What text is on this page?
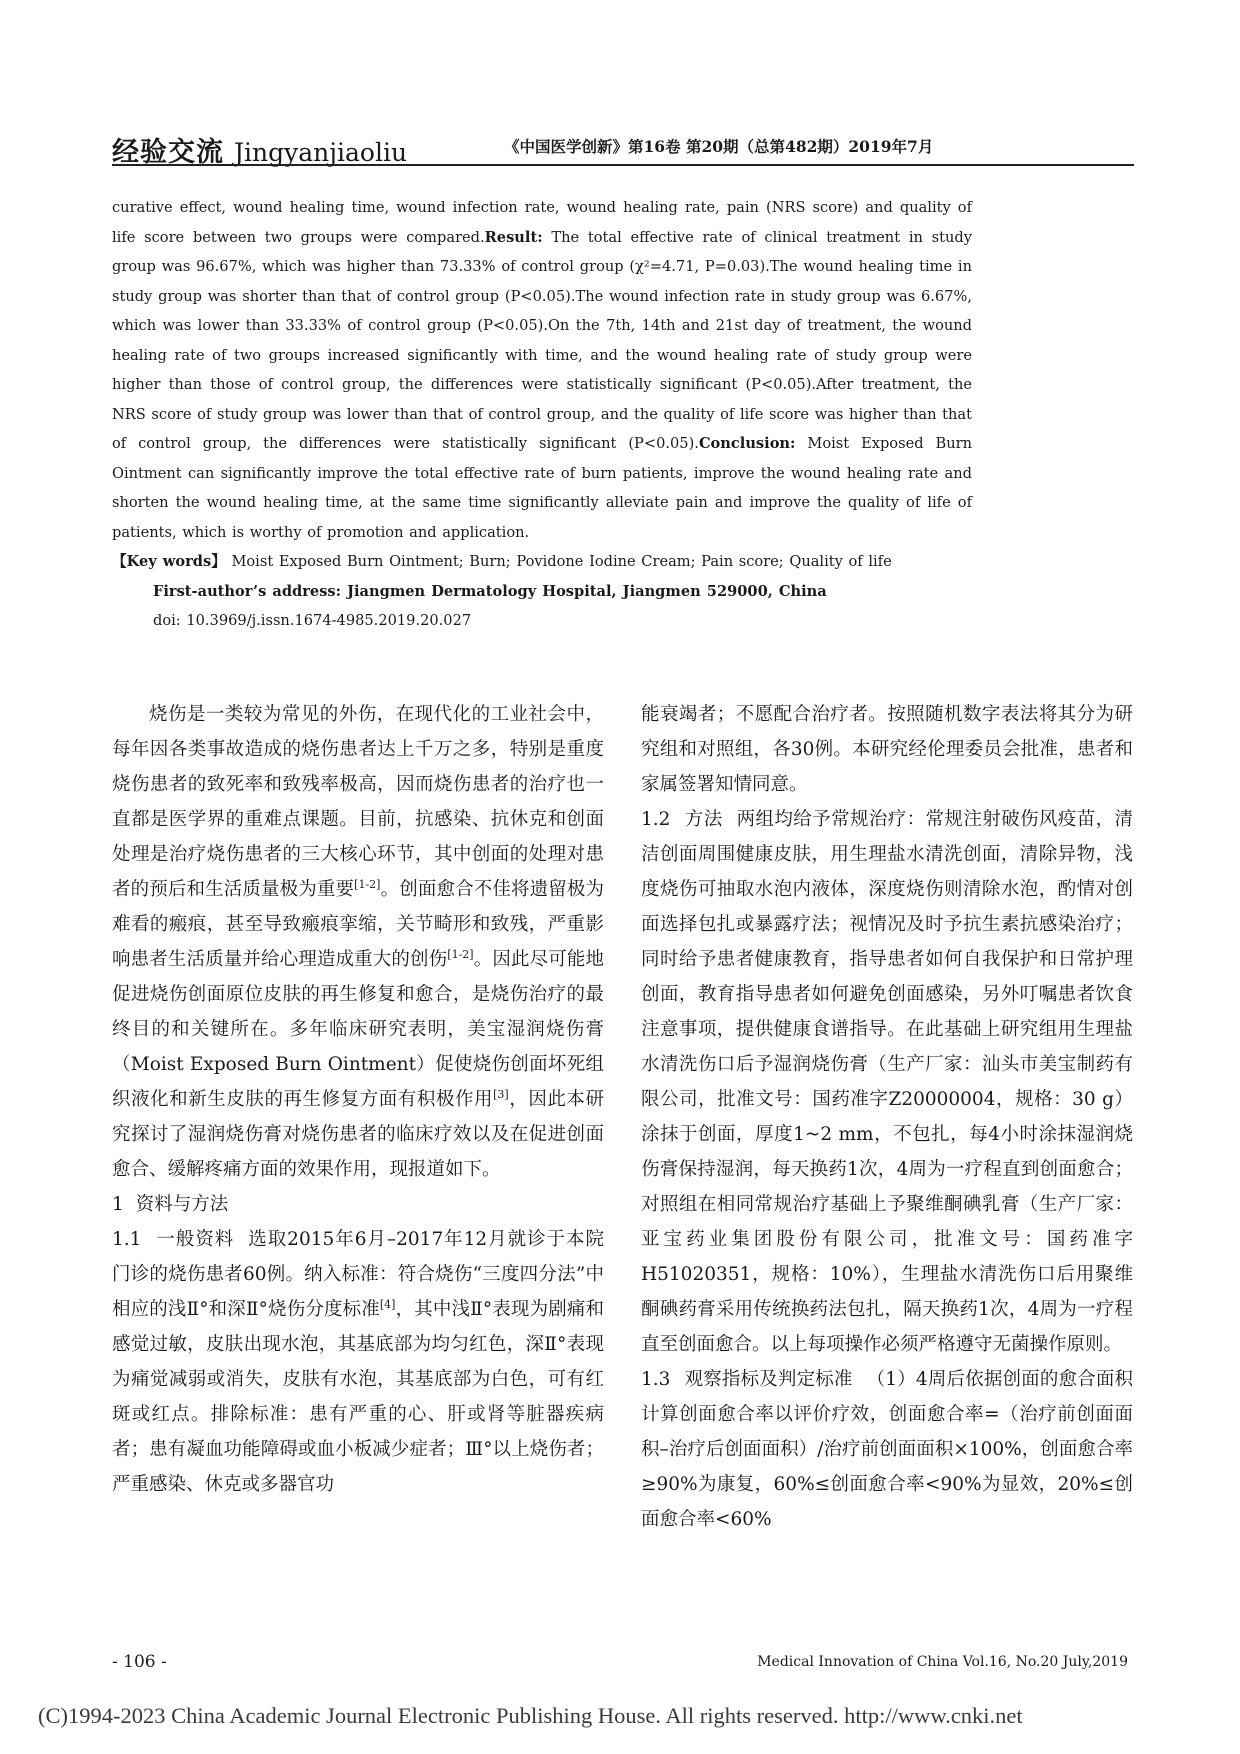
经验交流 Jingyanjiaoliu	《中国医学创新》第16卷 第20期（总第482期）2019年7月

curative effect, wound healing time, wound infection rate, wound healing rate, pain (NRS score) and quality of life score between two groups were compared.Result: The total effective rate of clinical treatment in study group was 96.67%, which was higher than 73.33% of control group (χ²=4.71, P=0.03).The wound healing time in study group was shorter than that of control group (P<0.05).The wound infection rate in study group was 6.67%, which was lower than 33.33% of control group (P<0.05).On the 7th, 14th and 21st day of treatment, the wound healing rate of two groups increased significantly with time, and the wound healing rate of study group were higher than those of control group, the differences were statistically significant (P<0.05).After treatment, the NRS score of study group was lower than that of control group, and the quality of life score was higher than that of control group, the differences were statistically significant (P<0.05).Conclusion: Moist Exposed Burn Ointment can significantly improve the total effective rate of burn patients, improve the wound healing rate and shorten the wound healing time, at the same time significantly alleviate pain and improve the quality of life of patients, which is worthy of promotion and application.

【Key words】 Moist Exposed Burn Ointment; Burn; Povidone Iodine Cream; Pain score; Quality of life

First-author’s address: Jiangmen Dermatology Hospital, Jiangmen 529000, China

doi: 10.3969/j.issn.1674-4985.2019.20.027

烧伤是一类较为常见的外伤，在现代化的工业社会中，每年因各类事故造成的烧伤患者达上千万之多，特别是重度烧伤患者的致死率和致残率极高，因而烧伤患者的治疗也一直都是医学界的重难点课题。目前，抗感染、抗休克和创面处理是治疗烧伤患者的三大核心环节，其中创面的处理对患者的预后和生活质量极为重要[1-2]。创面愈合不佳将遗留极为难看的瘢痕，甚至导致瘢痕挛缩，关节畸形和致残，严重影响患者生活质量并给心理造成重大的创伤[1-2]。因此尽可能地促进烧伤创面原位皮肤的再生修复和愈合，是烧伤治疗的最终目的和关键所在。多年临床研究表明，美宝湿润烧伤膏（Moist Exposed Burn Ointment）促使烧伤创面坏死组织液化和新生皮肤的再生修复方面有积极作用[3]，因此本研究探讨了湿润烧伤膏对烧伤患者的临床疗效以及在促进创面愈合、缓解疼痛方面的效果作用，现报道如下。

1 资料与方法

1.1 一般资料 选取2015年6月–2017年12月就诊于本院门诊的烧伤患者60例。纳入标准：符合烧伤“三度四分法”中相应的浅Ⅱ°和深Ⅱ°烧伤分度标准[4]，其中浅Ⅱ°表现为剧痛和感觉过敏，皮肤出现水泡，其基底部为均匀红色，深Ⅱ°表现为痛觉减弱或消失，皮肤有水泡，其基底部为白色，可有红斑或红点。排除标准：患有严重的心、肝或肾等脏器疾病者；患有凝血功能障碍或血小板减少症者；Ⅲ°以上烧伤者；严重感染、休克或多器官功

能衰竭者；不愿配合治疗者。按照随机数字表法将其分为研究组和对照组，各30例。本研究经伦理委员会批准，患者和家属签署知情同意。

1.2 方法 两组均给予常规治疗：常规注射破伤风疫苗，清洁创面周围健康皮肤，用生理盐水清洗创面，清除异物，浅度烧伤可抽取水泡内液体，深度烧伤则清除水泡，酌情对创面选择包扎或暴露疗法；视情况及时予抗生素抗感染治疗；同时给予患者健康教育，指导患者如何自我保护和日常护理创面，教育指导患者如何避免创面感染，另外叮嘱患者饮食注意事项，提供健康食谱指导。在此基础上研究组用生理盐水清洗伤口后予湿润烧伤膏（生产厂家：汕头市美宝制药有限公司，批准文号：国药准字Z20000004，规格：30 g）涂抹于创面，厚度1~2 mm，不包扎，每4小时涂抹湿润烧伤膏保持湿润，每天换药1次，4周为一疗程直到创面愈合；对照组在相同常规治疗基础上予聚维酮碘乳膏（生产厂家：亚宝药业集团股份有限公司，批准文号：国药准字H51020351，规格：10%），生理盐水清洗伤口后用聚维酮碘药膏采用传统换药法包扎，隔天换药1次，4周为一疗程直至创面愈合。以上每项操作必须严格遵守无菌操作原则。

1.3 观察指标及判定标准 （1）4周后依据创面的愈合面积计算创面愈合率以评价疗效，创面愈合率=（治疗前创面面积–治疗后创面面积）/治疗前创面面积×100%，创面愈合率≥90%为康复，60%≤创面愈合率<90%为显效，20%≤创面愈合率<60%

- 106 -	Medical Innovation of China Vol.16, No.20 July,2019
(C)1994-2023 China Academic Journal Electronic Publishing House. All rights reserved. http://www.cnki.net
